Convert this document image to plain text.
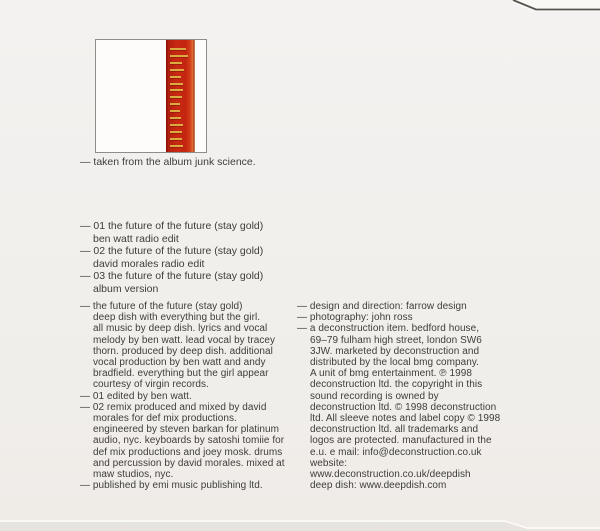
— taken from the album junk science.
— 01 the future of the future (stay gold)
ben watt radio edit
— 02 the future of the future (stay gold)
david morales radio edit
— 03 the future of the future (stay gold)
album version
— the future of the future (stay gold)
deep dish with everything but the girl.
all music by deep dish. lyrics and vocal
melody by ben watt. lead vocal by tracey
thorn. produced by deep dish. additional
vocal production by ben watt and andy
bradfield. everything but the girl appear
courtesy of virgin records.
— 01 edited by ben watt.
— 02 remix produced and mixed by david
morales for def mix productions.
engineered by steven barkan for platinum
audio, nyc. keyboards by satoshi tomiie for
def mix productions and joey mosk. drums
and percussion by david morales. mixed at
maw studios, nyc.
— published by emi music publishing ltd.
— design and direction: farrow design
— photography: john ross
— a deconstruction item. bedford house,
69–79 fulham high street, london SW6
3JW. marketed by deconstruction and
distributed by the local bmg company.
A unit of bmg entertainment. ℗ 1998
deconstruction ltd. the copyright in this
sound recording is owned by
deconstruction ltd. © 1998 deconstruction
ltd. All sleeve notes and label copy © 1998
deconstruction ltd. all trademarks and
logos are protected. manufactured in the
e.u. e mail: info@deconstruction.co.uk
website:
www.deconstruction.co.uk/deepdish
deep dish: www.deepdish.com
